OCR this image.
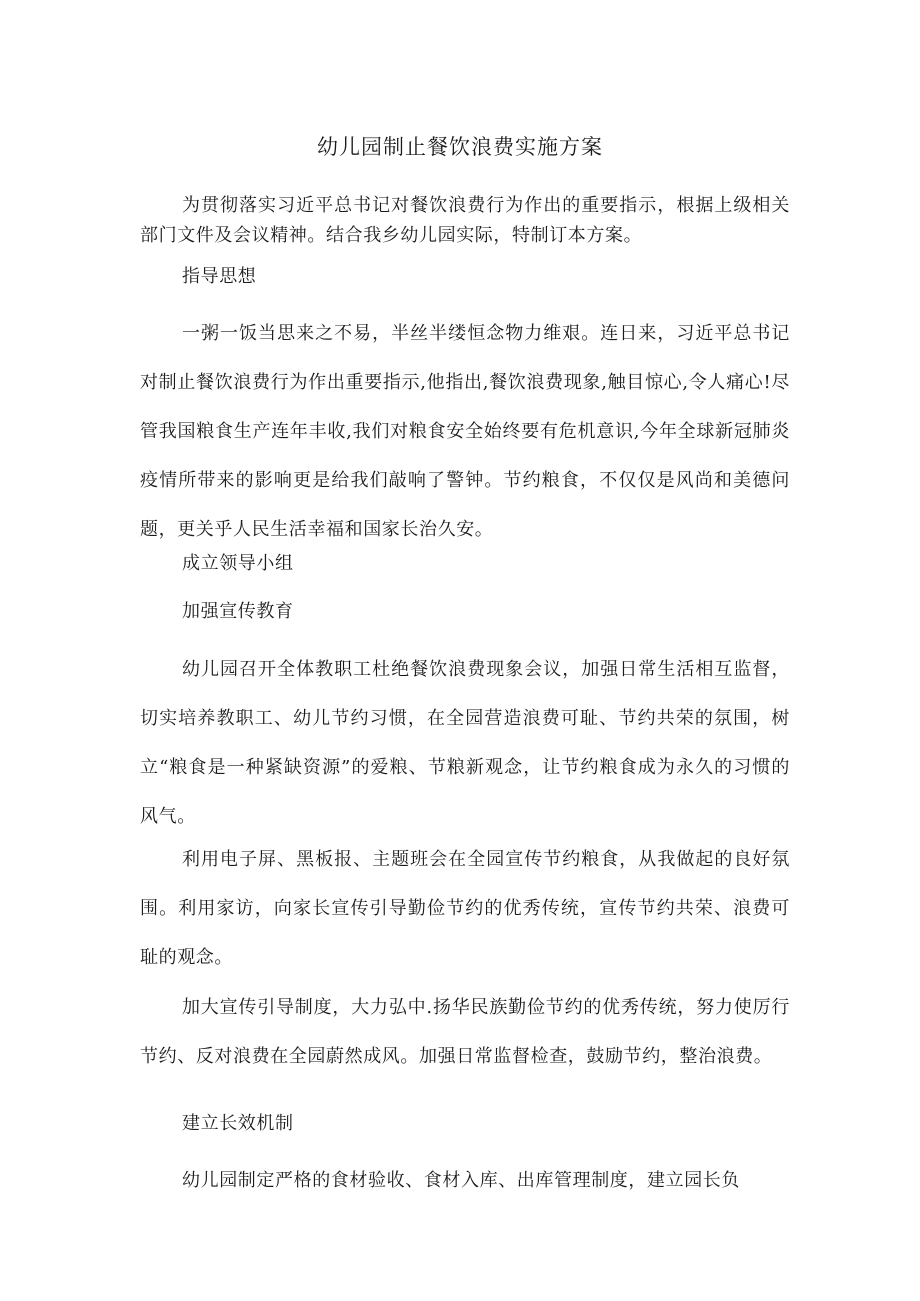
幼儿园制止餐饮浪费实施方案

为贯彻落实习近平总书记对餐饮浪费行为作出的重要指示，根据上级相关部门文件及会议精神。结合我乡幼儿园实际，特制订本方案。

指导思想

一粥一饭当思来之不易，半丝半缕恒念物力维艰。连日来，习近平总书记对制止餐饮浪费行为作出重要指示,他指出,餐饮浪费现象,触目惊心,令人痛心!尽管我国粮食生产连年丰收,我们对粮食安全始终要有危机意识,今年全球新冠肺炎疫情所带来的影响更是给我们敲响了警钟。节约粮食，不仅仅是风尚和美德问题，更关乎人民生活幸福和国家长治久安。

成立领导小组

加强宣传教育

幼儿园召开全体教职工杜绝餐饮浪费现象会议，加强日常生活相互监督，切实培养教职工、幼儿节约习惯，在全园营造浪费可耻、节约共荣的氛围，树立“粮食是一种紧缺资源”的爱粮、节粮新观念，让节约粮食成为永久的习惯的风气。

利用电子屏、黑板报、主题班会在全园宣传节约粮食，从我做起的良好氛围。利用家访，向家长宣传引导勤俭节约的优秀传统，宣传节约共荣、浪费可耻的观念。

加大宣传引导制度，大力弘中.扬华民族勤俭节约的优秀传统，努力使厉行节约、反对浪费在全园蔚然成风。加强日常监督检查，鼓励节约，整治浪费。

建立长效机制

幼儿园制定严格的食材验收、食材入库、出库管理制度，建立园长负
